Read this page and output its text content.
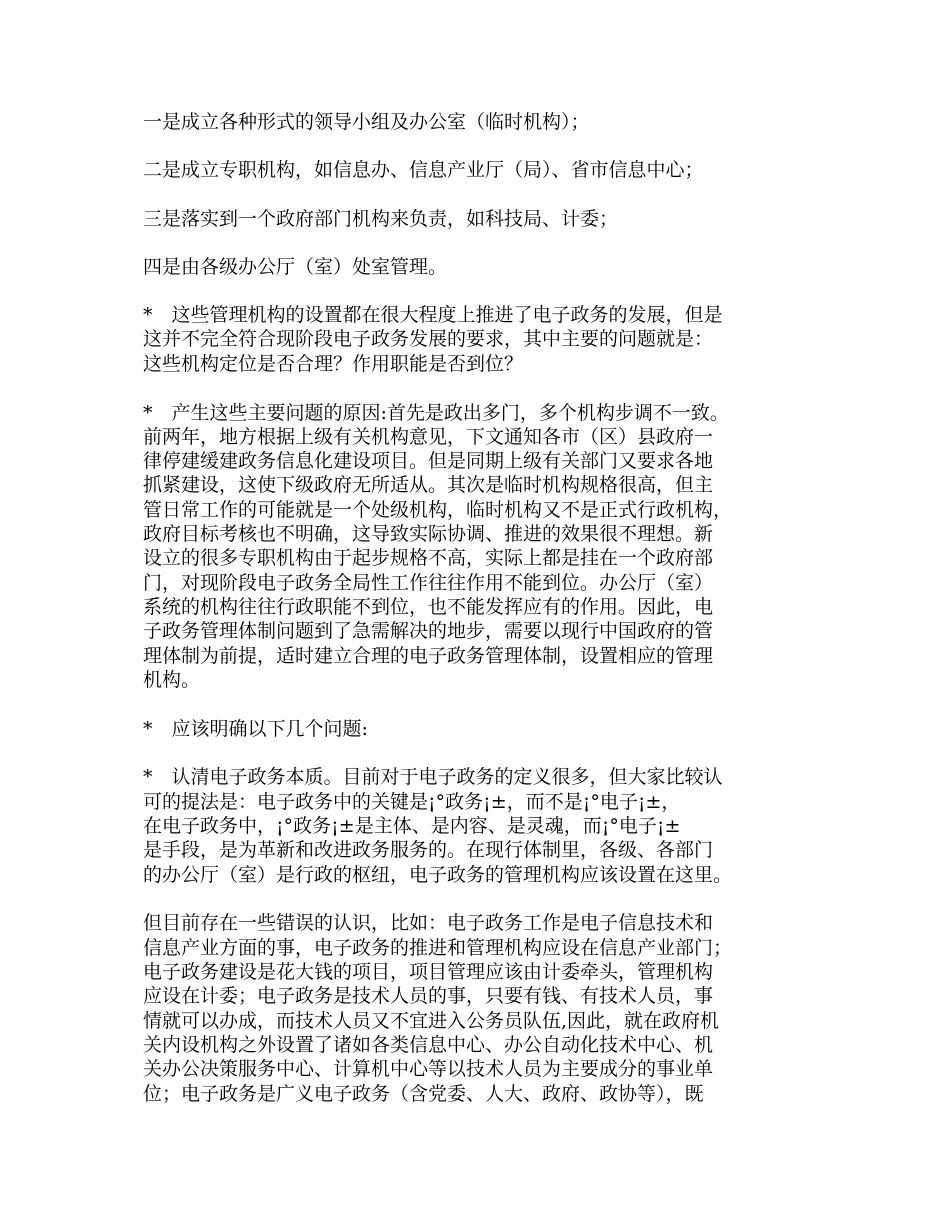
一是成立各种形式的领导小组及办公室（临时机构）；
二是成立专职机构，如信息办、信息产业厅（局）、省市信息中心；
三是落实到一个政府部门机构来负责，如科技局、计委；
四是由各级办公厅（室）处室管理。
*　这些管理机构的设置都在很大程度上推进了电子政务的发展，但是
这并不完全符合现阶段电子政务发展的要求，其中主要的问题就是：
这些机构定位是否合理？作用职能是否到位？
*　产生这些主要问题的原因:首先是政出多门，多个机构步调不一致。
前两年，地方根据上级有关机构意见，下文通知各市（区）县政府一
律停建缓建政务信息化建设项目。但是同期上级有关部门又要求各地
抓紧建设，这使下级政府无所适从。其次是临时机构规格很高，但主
管日常工作的可能就是一个处级机构，临时机构又不是正式行政机构，
政府目标考核也不明确，这导致实际协调、推进的效果很不理想。新
设立的很多专职机构由于起步规格不高，实际上都是挂在一个政府部
门，对现阶段电子政务全局性工作往往作用不能到位。办公厅（室）
系统的机构往往行政职能不到位，也不能发挥应有的作用。因此，电
子政务管理体制问题到了急需解决的地步，需要以现行中国政府的管
理体制为前提，适时建立合理的电子政务管理体制，设置相应的管理
机构。
*　应该明确以下几个问题:
*　认清电子政务本质。目前对于电子政务的定义很多，但大家比较认
可的提法是：电子政务中的关键是¡°政务¡±，而不是¡°电子¡±，
在电子政务中，¡°政务¡±是主体、是内容、是灵魂，而¡°电子¡±
是手段，是为革新和改进政务服务的。在现行体制里，各级、各部门
的办公厅（室）是行政的枢纽，电子政务的管理机构应该设置在这里。
但目前存在一些错误的认识，比如：电子政务工作是电子信息技术和
信息产业方面的事，电子政务的推进和管理机构应设在信息产业部门；
电子政务建设是花大钱的项目，项目管理应该由计委牵头，管理机构
应设在计委；电子政务是技术人员的事，只要有钱、有技术人员，事
情就可以办成，而技术人员又不宜进入公务员队伍,因此，就在政府机
关内设机构之外设置了诸如各类信息中心、办公自动化技术中心、机
关办公决策服务中心、计算机中心等以技术人员为主要成分的事业单
位；电子政务是广义电子政务（含党委、人大、政府、政协等），既
